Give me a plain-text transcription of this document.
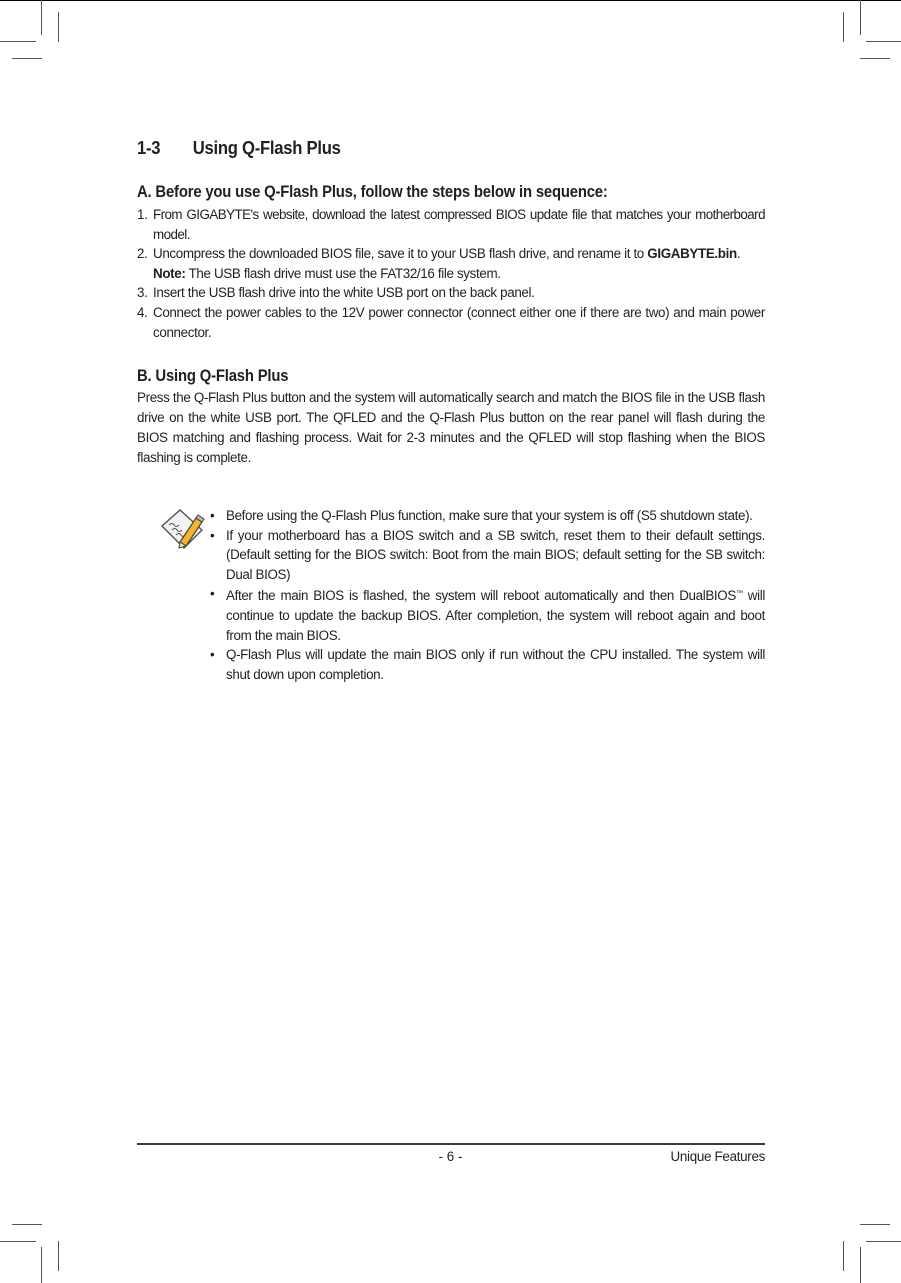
1-3 Using Q-Flash Plus
A. Before you use Q-Flash Plus, follow the steps below in sequence:
1. From GIGABYTE's website, download the latest compressed BIOS update file that matches your motherboard model.
2. Uncompress the downloaded BIOS file, save it to your USB flash drive, and rename it to GIGABYTE.bin.
Note: The USB flash drive must use the FAT32/16 file system.
3. Insert the USB flash drive into the white USB port on the back panel.
4. Connect the power cables to the 12V power connector (connect either one if there are two) and main power connector.
B. Using Q-Flash Plus
Press the Q-Flash Plus button and the system will automatically search and match the BIOS file in the USB flash drive on the white USB port. The QFLED and the Q-Flash Plus button on the rear panel will flash during the BIOS matching and flashing process. Wait for 2-3 minutes and the QFLED will stop flashing when the BIOS flashing is complete.
• Before using the Q-Flash Plus function, make sure that your system is off (S5 shutdown state).
• If your motherboard has a BIOS switch and a SB switch, reset them to their default settings. (Default setting for the BIOS switch: Boot from the main BIOS; default setting for the SB switch: Dual BIOS)
• After the main BIOS is flashed, the system will reboot automatically and then DualBIOS™ will continue to update the backup BIOS. After completion, the system will reboot again and boot from the main BIOS.
• Q-Flash Plus will update the main BIOS only if run without the CPU installed. The system will shut down upon completion.
- 6 -	Unique Features
